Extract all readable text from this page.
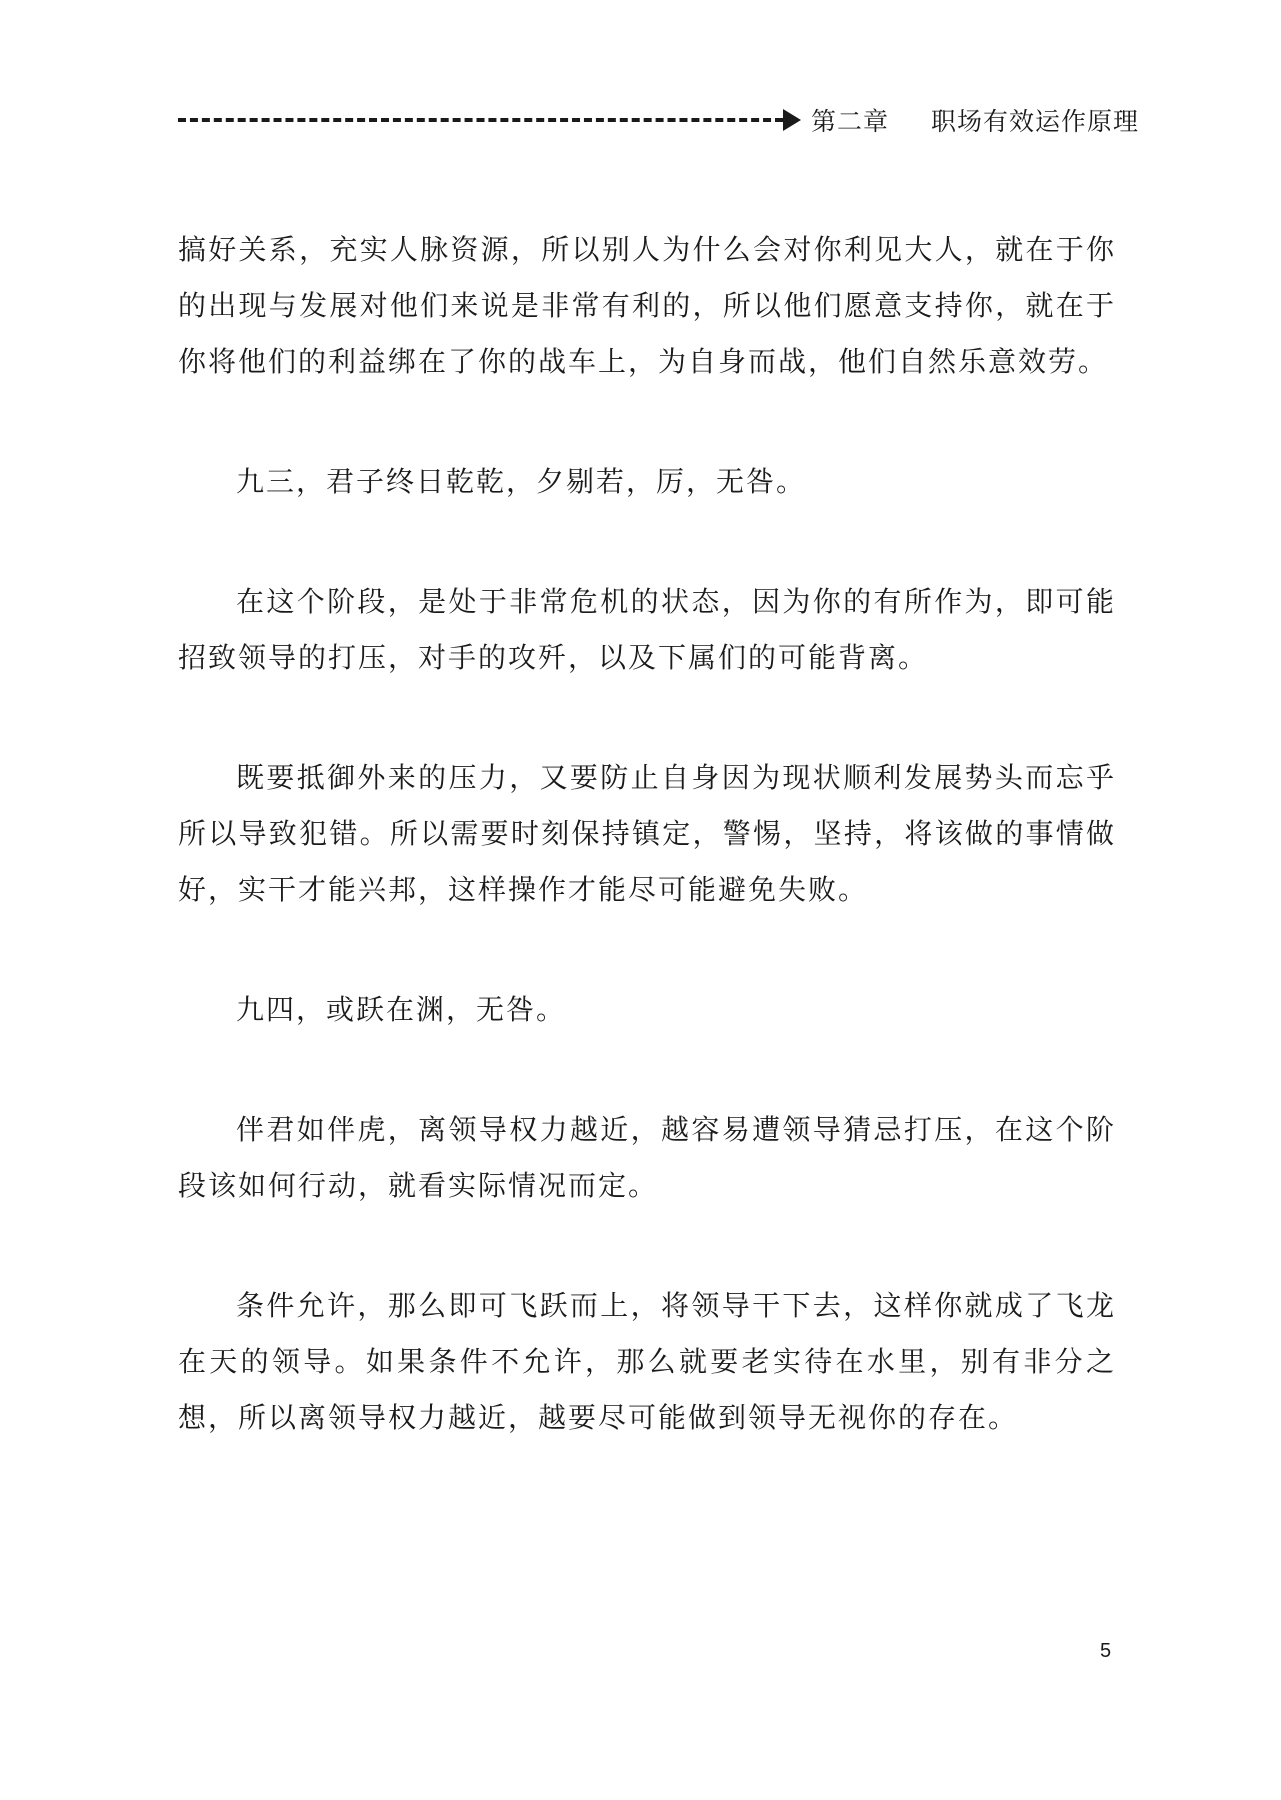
第二章 职场有效运作原理

搞好关系，充实人脉资源，所以别人为什么会对你利见大人，就在于你的出现与发展对他们来说是非常有利的，所以他们愿意支持你，就在于你将他们的利益绑在了你的战车上，为自身而战，他们自然乐意效劳。

九三，君子终日乾乾，夕剔若，厉，无咎。

在这个阶段，是处于非常危机的状态，因为你的有所作为，即可能招致领导的打压，对手的攻歼，以及下属们的可能背离。

既要抵御外来的压力，又要防止自身因为现状顺利发展势头而忘乎所以导致犯错。所以需要时刻保持镇定，警惕，坚持，将该做的事情做好，实干才能兴邦，这样操作才能尽可能避免失败。

九四，或跃在渊，无咎。

伴君如伴虎，离领导权力越近，越容易遭领导猜忌打压，在这个阶段该如何行动，就看实际情况而定。

条件允许，那么即可飞跃而上，将领导干下去，这样你就成了飞龙在天的领导。如果条件不允许，那么就要老实待在水里，别有非分之想，所以离领导权力越近，越要尽可能做到领导无视你的存在。

5
